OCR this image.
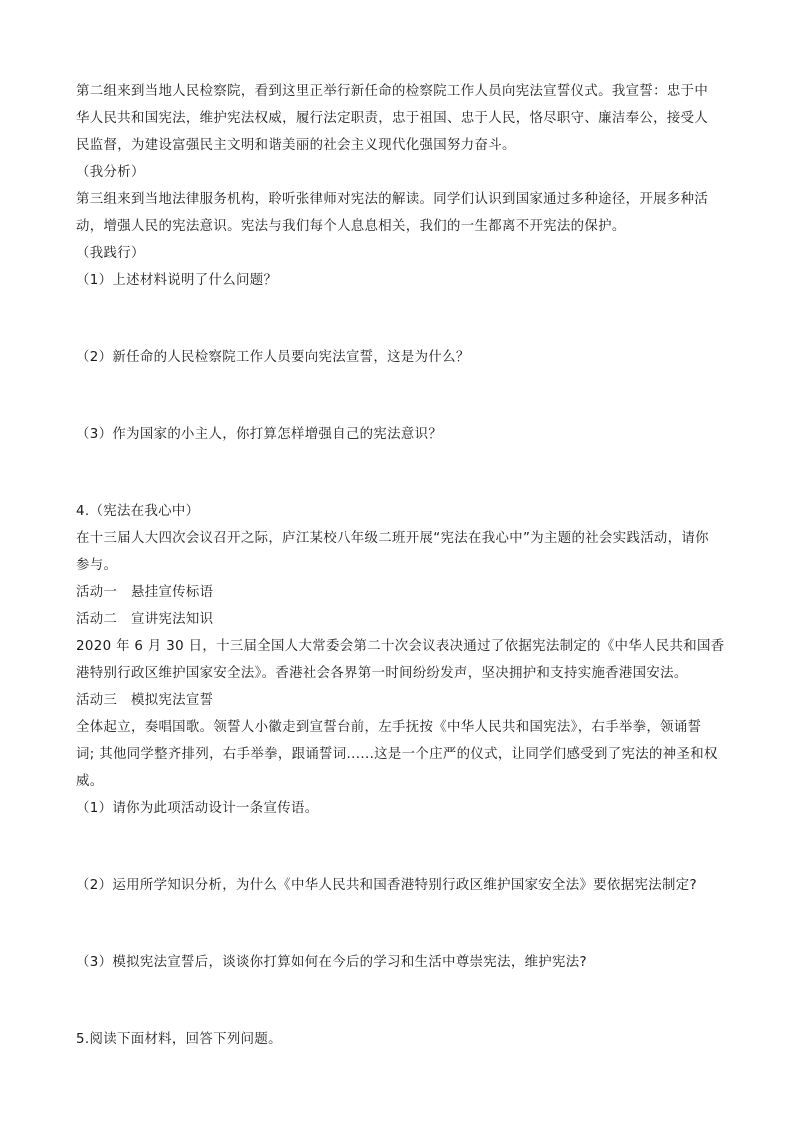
第二组来到当地人民检察院，看到这里正举行新任命的检察院工作人员向宪法宣誓仪式。我宣誓：忠于中
华人民共和国宪法，维护宪法权威，履行法定职责，忠于祖国、忠于人民，恪尽职守、廉洁奉公，接受人
民监督，为建设富强民主文明和谐美丽的社会主义现代化强国努力奋斗。
（我分析）
第三组来到当地法律服务机构，聆听张律师对宪法的解读。同学们认识到国家通过多种途径，开展多种活
动，增强人民的宪法意识。宪法与我们每个人息息相关，我们的一生都离不开宪法的保护。
（我践行）
（1）上述材料说明了什么问题？
（2）新任命的人民检察院工作人员要向宪法宣誓，这是为什么？
（3）作为国家的小主人，你打算怎样增强自己的宪法意识？
4.（宪法在我心中）
在十三届人大四次会议召开之际，庐江某校八年级二班开展“宪法在我心中”为主题的社会实践活动，请你
参与。
活动一　悬挂宣传标语
活动二　宣讲宪法知识
2020 年 6 月 30 日，十三届全国人大常委会第二十次会议表决通过了依据宪法制定的《中华人民共和国香
港特别行政区维护国家安全法》。香港社会各界第一时间纷纷发声，坚决拥护和支持实施香港国安法。
活动三　模拟宪法宣誓
全体起立，奏唱国歌。领誓人小徽走到宣誓台前，左手抚按《中华人民共和国宪法》，右手举拳，领诵誓
词; 其他同学整齐排列，右手举拳，跟诵誓词......这是一个庄严的仪式，让同学们感受到了宪法的神圣和权
威。
（1）请你为此项活动设计一条宣传语。
（2）运用所学知识分析，为什么《中华人民共和国香港特别行政区维护国家安全法》要依据宪法制定?
（3）模拟宪法宣誓后，谈谈你打算如何在今后的学习和生活中尊崇宪法，维护宪法?
5.阅读下面材料，回答下列问题。
